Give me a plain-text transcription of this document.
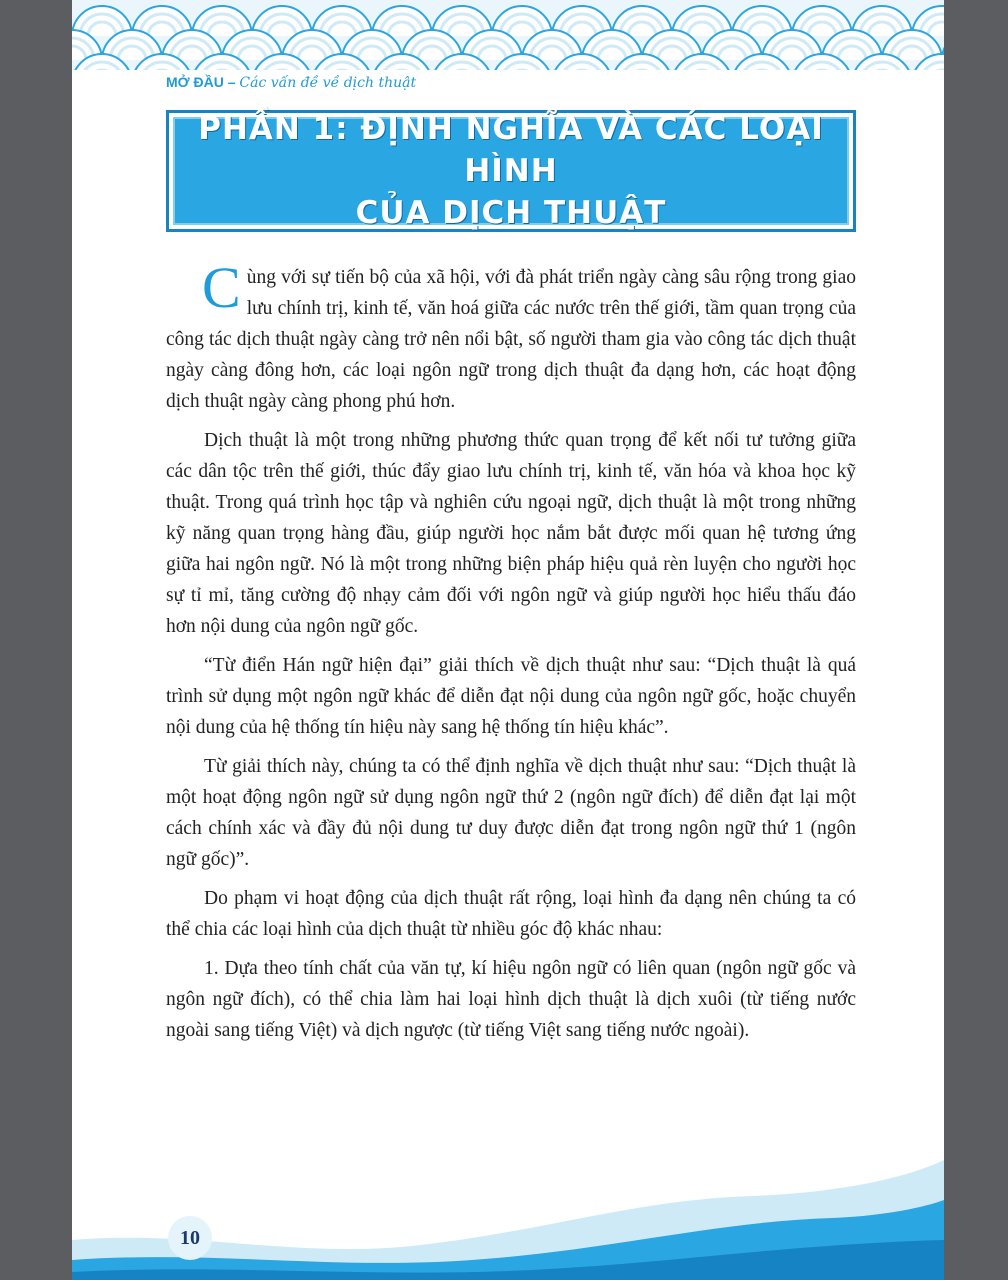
MỞ ĐẦU – Các vấn đề về dịch thuật
PHẦN 1: ĐỊNH NGHĨA VÀ CÁC LOẠI HÌNH
CỦA DỊCH THUẬT

Cùng với sự tiến bộ của xã hội, với đà phát triển ngày càng sâu rộng trong giao lưu chính trị, kinh tế, văn hoá giữa các nước trên thế giới, tầm quan trọng của công tác dịch thuật ngày càng trở nên nổi bật, số người tham gia vào công tác dịch thuật ngày càng đông hơn, các loại ngôn ngữ trong dịch thuật đa dạng hơn, các hoạt động dịch thuật ngày càng phong phú hơn.

Dịch thuật là một trong những phương thức quan trọng để kết nối tư tưởng giữa các dân tộc trên thế giới, thúc đẩy giao lưu chính trị, kinh tế, văn hóa và khoa học kỹ thuật. Trong quá trình học tập và nghiên cứu ngoại ngữ, dịch thuật là một trong những kỹ năng quan trọng hàng đầu, giúp người học nắm bắt được mối quan hệ tương ứng giữa hai ngôn ngữ. Nó là một trong những biện pháp hiệu quả rèn luyện cho người học sự tỉ mỉ, tăng cường độ nhạy cảm đối với ngôn ngữ và giúp người học hiểu thấu đáo hơn nội dung của ngôn ngữ gốc.

“Từ điển Hán ngữ hiện đại” giải thích về dịch thuật như sau: “Dịch thuật là quá trình sử dụng một ngôn ngữ khác để diễn đạt nội dung của ngôn ngữ gốc, hoặc chuyển nội dung của hệ thống tín hiệu này sang hệ thống tín hiệu khác”.

Từ giải thích này, chúng ta có thể định nghĩa về dịch thuật như sau: “Dịch thuật là một hoạt động ngôn ngữ sử dụng ngôn ngữ thứ 2 (ngôn ngữ đích) để diễn đạt lại một cách chính xác và đầy đủ nội dung tư duy được diễn đạt trong ngôn ngữ thứ 1 (ngôn ngữ gốc)”.

Do phạm vi hoạt động của dịch thuật rất rộng, loại hình đa dạng nên chúng ta có thể chia các loại hình của dịch thuật từ nhiều góc độ khác nhau:

1. Dựa theo tính chất của văn tự, kí hiệu ngôn ngữ có liên quan (ngôn ngữ gốc và ngôn ngữ đích), có thể chia làm hai loại hình dịch thuật là dịch xuôi (từ tiếng nước ngoài sang tiếng Việt) và dịch ngược (từ tiếng Việt sang tiếng nước ngoài).

10
